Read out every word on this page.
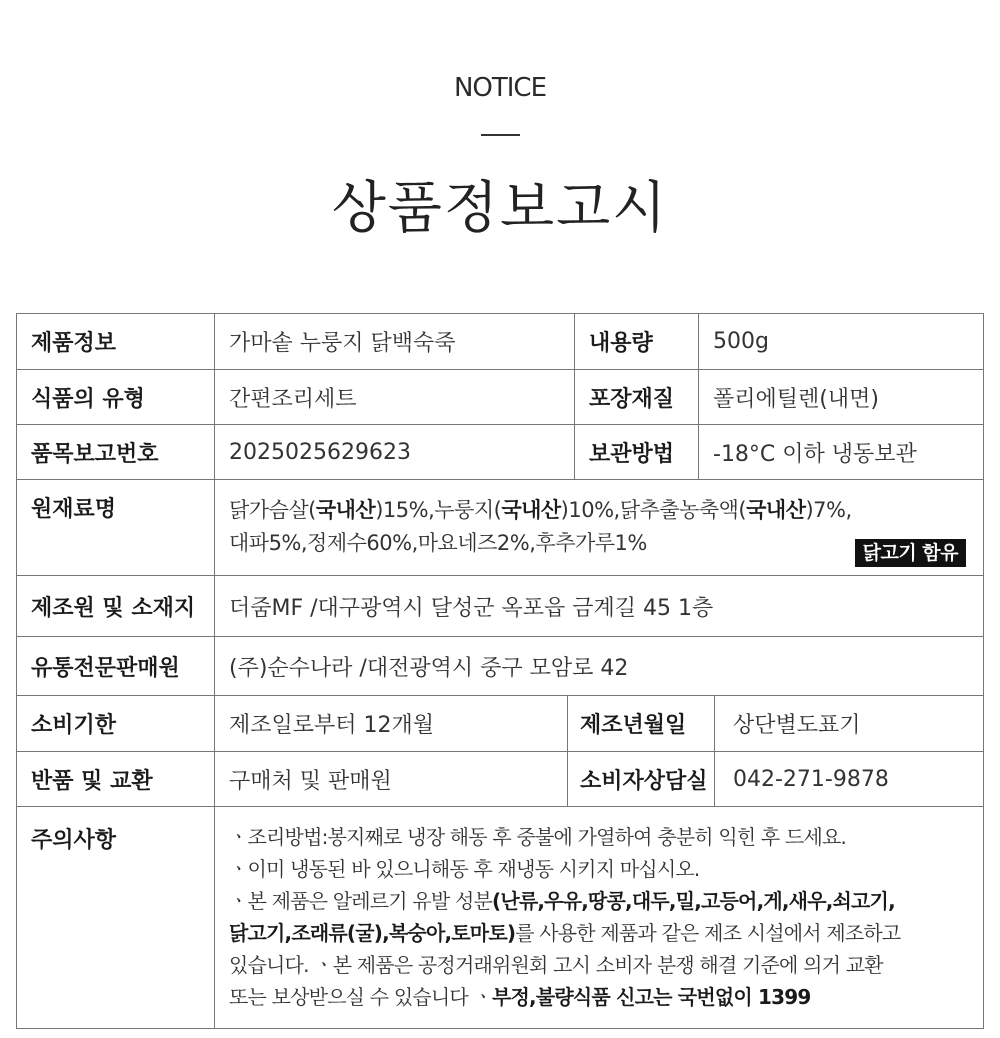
NOTICE
상품정보고시
제품정보	가마솥 누룽지 닭백숙죽	내용량	500g
식품의 유형	간편조리세트	포장재질	폴리에틸렌(내면)
품목보고번호	2025025629623	보관방법	-18°C 이하 냉동보관
원재료명	닭가슴살(국내산)15%,누룽지(국내산)10%,닭추출농축액(국내산)7%,
대파5%,정제수60%,마요네즈2%,후추가루1%	닭고기 함유
제조원 및 소재지	더줌MF /대구광역시 달성군 옥포읍 금계길 45 1층
유통전문판매원	(주)순수나라 /대전광역시 중구 모암로 42
소비기한	제조일로부터 12개월	제조년월일	상단별도표기
반품 및 교환	구매처 및 판매원	소비자상담실	042-271-9878
주의사항	ㆍ조리방법:봉지째로 냉장 해동 후 중불에 가열하여 충분히 익힌 후 드세요.

ㆍ이미 냉동된 바 있으니해동 후 재냉동 시키지 마십시오.

ㆍ본 제품은 알레르기 유발 성분(난류,우유,땅콩,대두,밀,고등어,게,새우,쇠고기,

닭고기,조래류(굴),복숭아,토마토)를 사용한 제품과 같은 제조 시설에서 제조하고

있습니다. ㆍ본 제품은 공정거래위원회 고시 소비자 분쟁 해결 기준에 의거 교환

또는 보상받으실 수 있습니다 ㆍ부정,불량식품 신고는 국번없이 1399
